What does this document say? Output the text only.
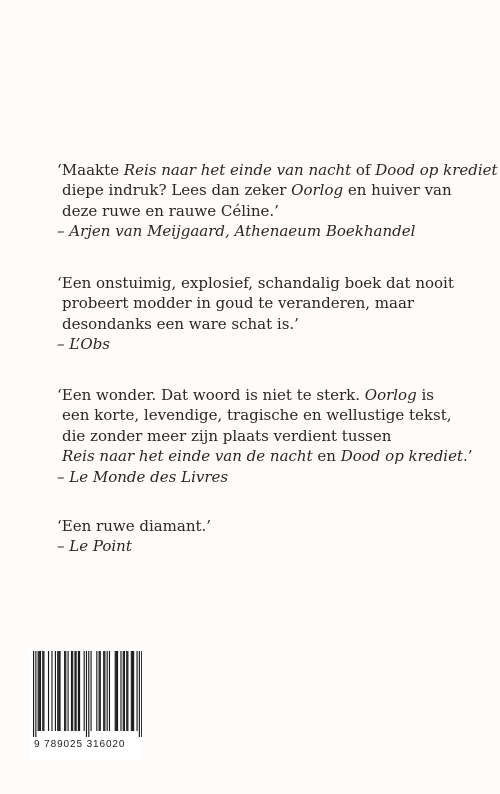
‘Maakte Reis naar het einde van nacht of Dood op krediet
diepe indruk? Lees dan zeker Oorlog en huiver van
deze ruwe en rauwe Céline.’
– Arjen van Meijgaard, Athenaeum Boekhandel
‘Een onstuimig, explosief, schandalig boek dat nooit
probeert modder in goud te veranderen, maar
desondanks een ware schat is.’
– L’Obs
‘Een wonder. Dat woord is niet te sterk. Oorlog is
een korte, levendige, tragische en wellustige tekst,
die zonder meer zijn plaats verdient tussen
Reis naar het einde van de nacht en Dood op krediet.’
– Le Monde des Livres
‘Een ruwe diamant.’
– Le Point
9 789025 316020
